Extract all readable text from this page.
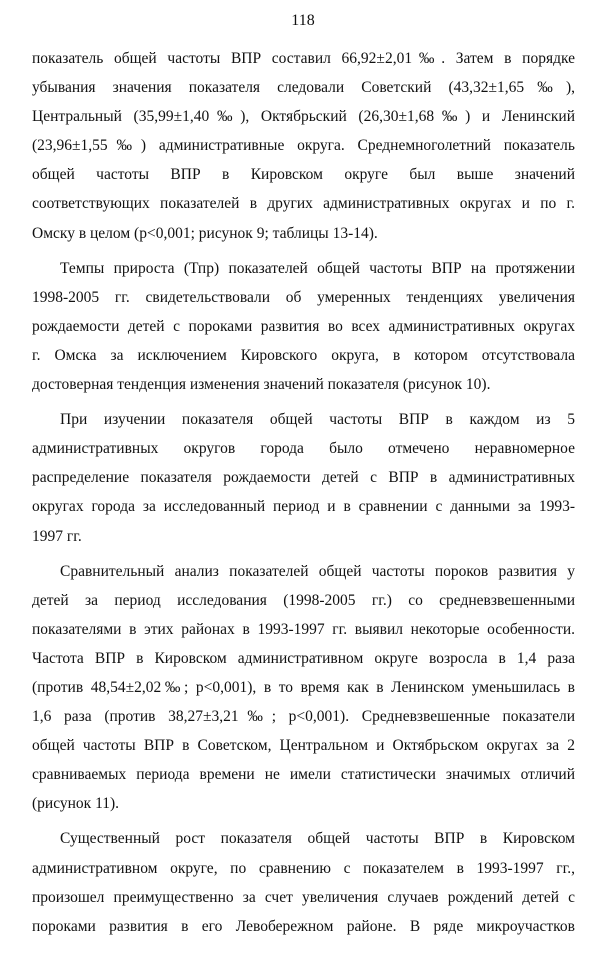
118
показатель общей частоты ВПР составил 66,92±2,01‰. Затем в порядке
убывания значения показателя следовали Советский (43,32±1,65‰),
Центральный (35,99±1,40‰), Октябрьский (26,30±1,68‰) и Ленинский
(23,96±1,55‰) административные округа. Среднемноголетний показатель
общей частоты ВПР в Кировском округе был выше значений
соответствующих показателей в других административных округах и по г.
Омску в целом (p<0,001; рисунок 9; таблицы 13-14).
Темпы прироста (Тпр) показателей общей частоты ВПР на протяжении
1998-2005 гг. свидетельствовали об умеренных тенденциях увеличения
рождаемости детей с пороками развития во всех административных округах
г. Омска за исключением Кировского округа, в котором отсутствовала
достоверная тенденция изменения значений показателя (рисунок 10).
При изучении показателя общей частоты ВПР в каждом из 5
административных округов города было отмечено неравномерное
распределение показателя рождаемости детей с ВПР в административных
округах города за исследованный период и в сравнении с данными за 1993-
1997 гг.
Сравнительный анализ показателей общей частоты пороков развития у
детей за период исследования (1998-2005 гг.) со средневзвешенными
показателями в этих районах в 1993-1997 гг. выявил некоторые особенности.
Частота ВПР в Кировском административном округе возросла в 1,4 раза
(против 48,54±2,02‰; p<0,001), в то время как в Ленинском уменьшилась в
1,6 раза (против 38,27±3,21‰; p<0,001). Средневзвешенные показатели
общей частоты ВПР в Советском, Центральном и Октябрьском округах за 2
сравниваемых периода времени не имели статистически значимых отличий
(рисунок 11).
Существенный рост показателя общей частоты ВПР в Кировском
административном округе, по сравнению с показателем в 1993-1997 гг.,
произошел преимущественно за счет увеличения случаев рождений детей с
пороками развития в его Левобережном районе. В ряде микроучастков
